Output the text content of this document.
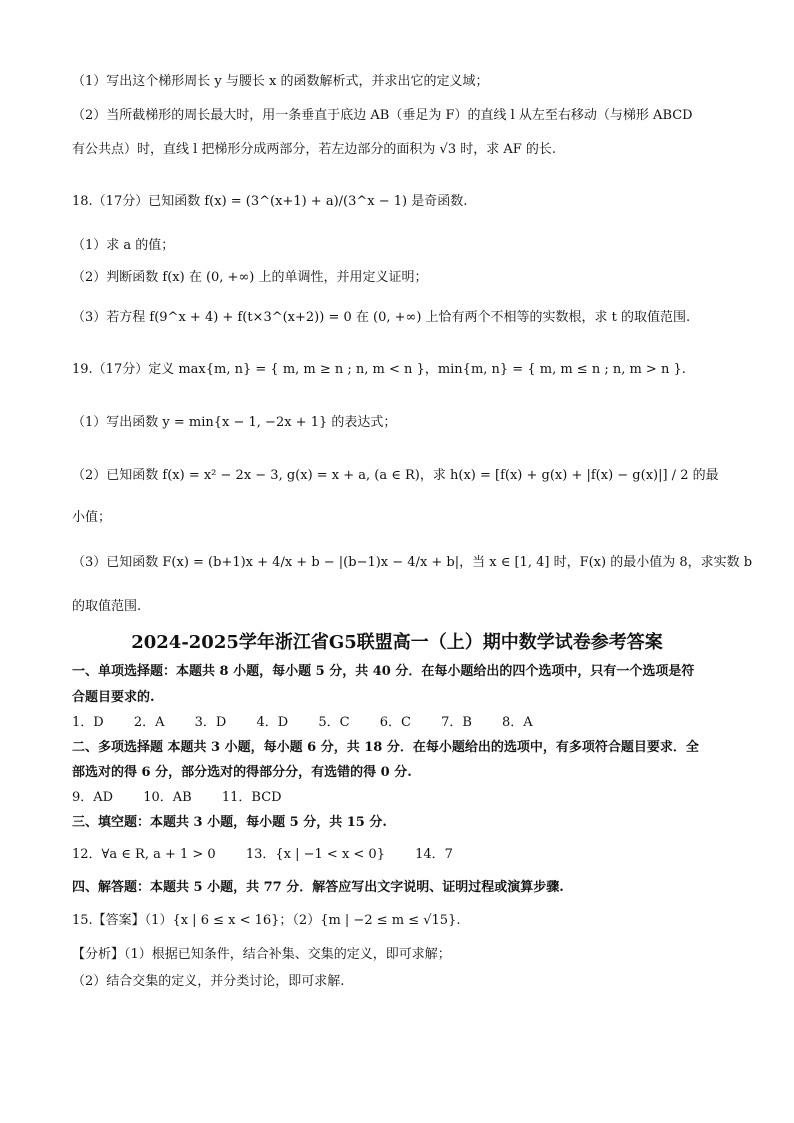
（1）写出这个梯形周长 y 与腰长 x 的函数解析式，并求出它的定义域；
（2）当所截梯形的周长最大时，用一条垂直于底边 AB（垂足为 F）的直线 l 从左至右移动（与梯形 ABCD
有公共点）时，直线 l 把梯形分成两部分，若左边部分的面积为 √3 时，求 AF 的长.
18.（17分）已知函数 f(x) = (3^(x+1) + a)/(3^x − 1) 是奇函数.
（1）求 a 的值；
（2）判断函数 f(x) 在 (0, +∞) 上的单调性，并用定义证明；
（3）若方程 f(9^x + 4) + f(t×3^(x+2)) = 0 在 (0, +∞) 上恰有两个不相等的实数根，求 t 的取值范围.
19.（17分）定义 max{m, n} = { m, m ≥ n ; n, m < n }，min{m, n} = { m, m ≤ n ; n, m > n }.
（1）写出函数 y = min{x − 1, −2x + 1} 的表达式；
（2）已知函数 f(x) = x² − 2x − 3, g(x) = x + a, (a ∈ R)，求 h(x) = [f(x) + g(x) + |f(x) − g(x)|] / 2 的最
小值；
（3）已知函数 F(x) = (b+1)x + 4/x + b − |(b−1)x − 4/x + b|，当 x ∈ [1, 4] 时，F(x) 的最小值为 8，求实数 b
的取值范围.
2024-2025学年浙江省G5联盟高一（上）期中数学试卷参考答案
一、单项选择题：本题共 8 小题，每小题 5 分，共 40 分．在每小题给出的四个选项中，只有一个选项是符
合题目要求的.
1．D 2．A 3．D 4．D 5．C 6．C 7．B 8．A
二、多项选择题 本题共 3 小题，每小题 6 分，共 18 分．在每小题给出的选项中，有多项符合题目要求．全
部选对的得 6 分，部分选对的得部分分，有选错的得 0 分.
9．AD 10．AB 11．BCD
三、填空题：本题共 3 小题，每小题 5 分，共 15 分.
12．∀a ∈ R, a + 1 > 0 13．{x | −1 < x < 0} 14．7
四、解答题：本题共 5 小题，共 77 分．解答应写出文字说明、证明过程或演算步骤.
15.【答案】（1）{x | 6 ≤ x < 16}；（2）{m | −2 ≤ m ≤ √15}.
【分析】（1）根据已知条件，结合补集、交集的定义，即可求解；
（2）结合交集的定义，并分类讨论，即可求解.
